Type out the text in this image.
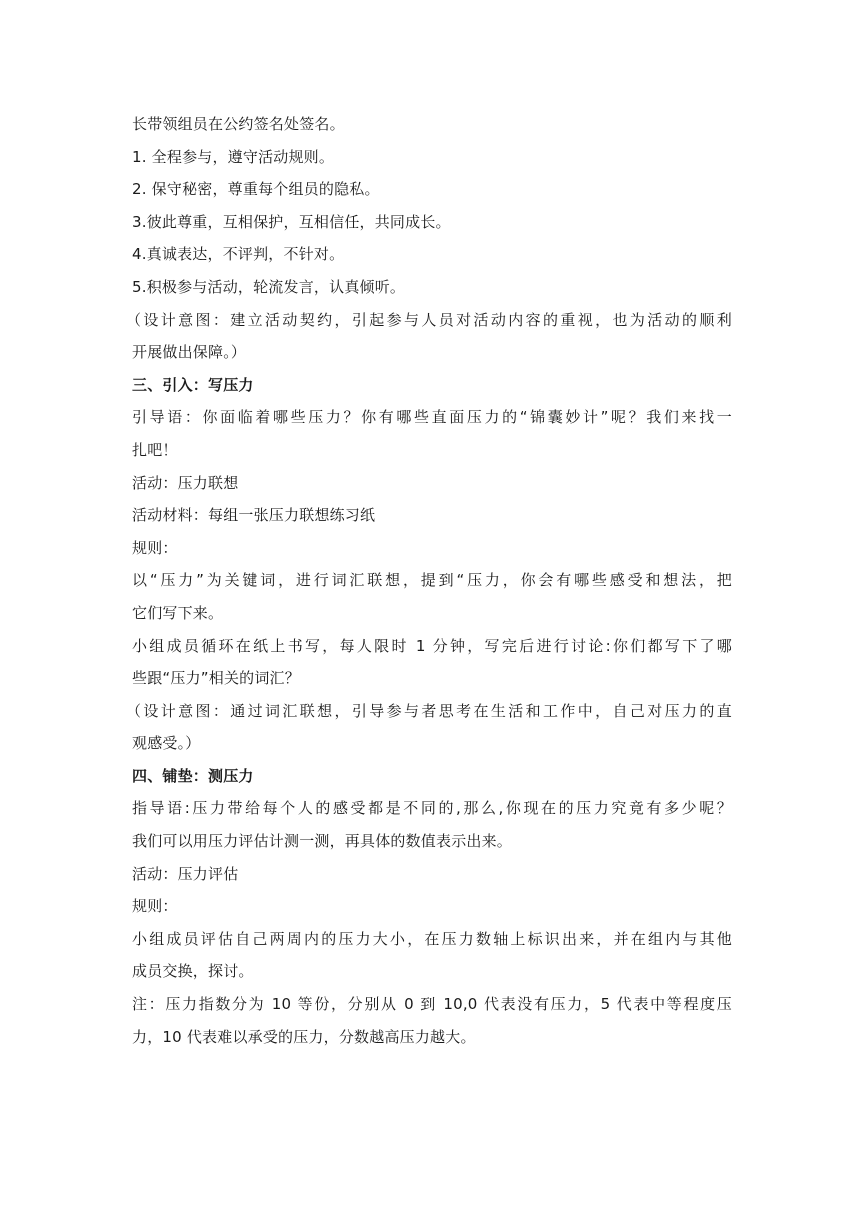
长带领组员在公约签名处签名。
1. 全程参与，遵守活动规则。
2. 保守秘密，尊重每个组员的隐私。
3.彼此尊重，互相保护，互相信任，共同成长。
4.真诚表达，不评判，不针对。
5.积极参与活动，轮流发言，认真倾听。
（设计意图：建立活动契约，引起参与人员对活动内容的重视，也为活动的顺利
开展做出保障。）
三、引入：写压力
引导语：你面临着哪些压力？你有哪些直面压力的“锦囊妙计”呢？我们来找一
扎吧！
活动：压力联想
活动材料：每组一张压力联想练习纸
规则：
以“压力”为关键词，进行词汇联想，提到“压力，你会有哪些感受和想法，把
它们写下来。
小组成员循环在纸上书写，每人限时 1 分钟，写完后进行讨论:你们都写下了哪
些跟“压力”相关的词汇？
（设计意图：通过词汇联想，引导参与者思考在生活和工作中，自己对压力的直
观感受。）
四、铺垫：测压力
指导语:压力带给每个人的感受都是不同的,那么,你现在的压力究竟有多少呢？
我们可以用压力评估计测一测，再具体的数值表示出来。
活动：压力评估
规则：
小组成员评估自己两周内的压力大小，在压力数轴上标识出来，并在组内与其他
成员交换，探讨。
注：压力指数分为 10 等份，分别从 0 到 10,0 代表没有压力，5 代表中等程度压
力，10 代表难以承受的压力，分数越高压力越大。
